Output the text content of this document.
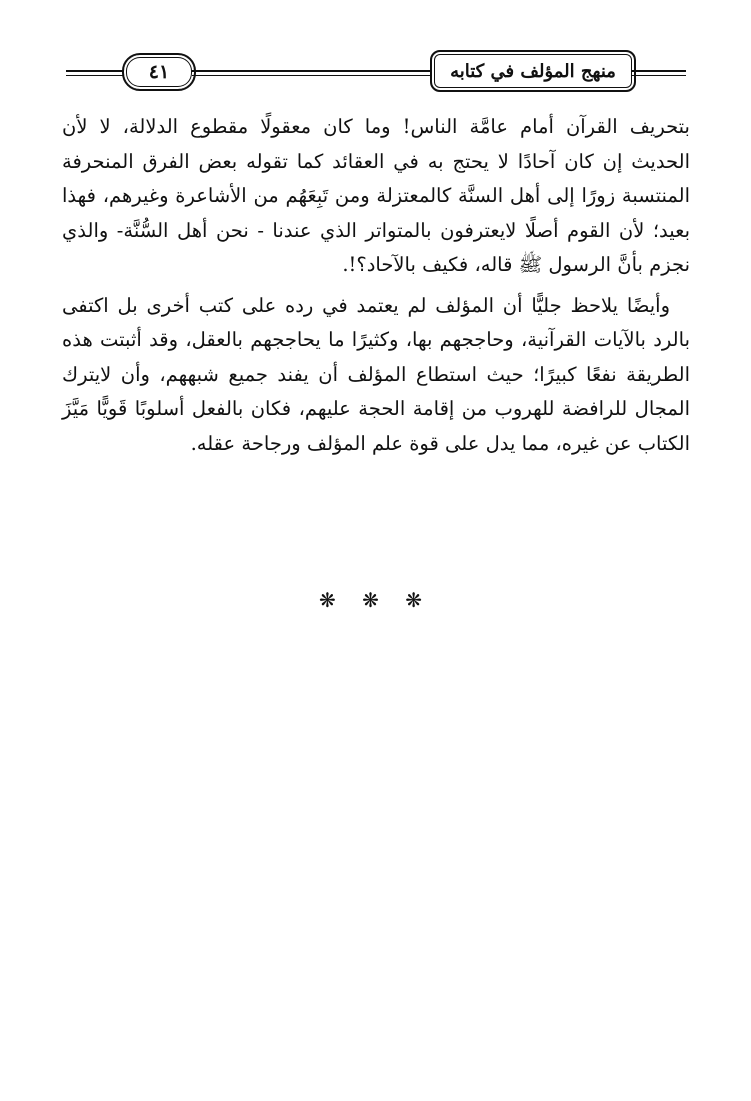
٤١	منهج المؤلف في كتابه

بتحريف القرآن أمام عامَّة الناس! وما كان معقولًا مقطوع الدلالة، لا لأن الحديث إن كان آحادًا لا يحتج به في العقائد كما تقوله بعض الفرق المنحرفة المنتسبة زورًا إلى أهل السنَّة كالمعتزلة ومن تَبِعَهُم من الأشاعرة وغيرهم، فهذا بعيد؛ لأن القوم أصلًا لايعترفون بالمتواتر الذي عندنا - نحن أهل السُّنَّة- والذي نجزم بأنَّ الرسول ﷺ قاله، فكيف بالآحاد؟!.

وأيضًا يلاحظ جليًّا أن المؤلف لم يعتمد في رده على كتب أخرى بل اكتفى بالرد بالآيات القرآنية، وحاججهم بها، وكثيرًا ما يحاججهم بالعقل، وقد أثبتت هذه الطريقة نفعًا كبيرًا؛ حيث استطاع المؤلف أن يفند جميع شبههم، وأن لايترك المجال للرافضة للهروب من إقامة الحجة عليهم، فكان بالفعل أسلوبًا قَويًّا مَيَّزَ الكتاب عن غيره، مما يدل على قوة علم المؤلف ورجاحة عقله.

❋ ❋ ❋
